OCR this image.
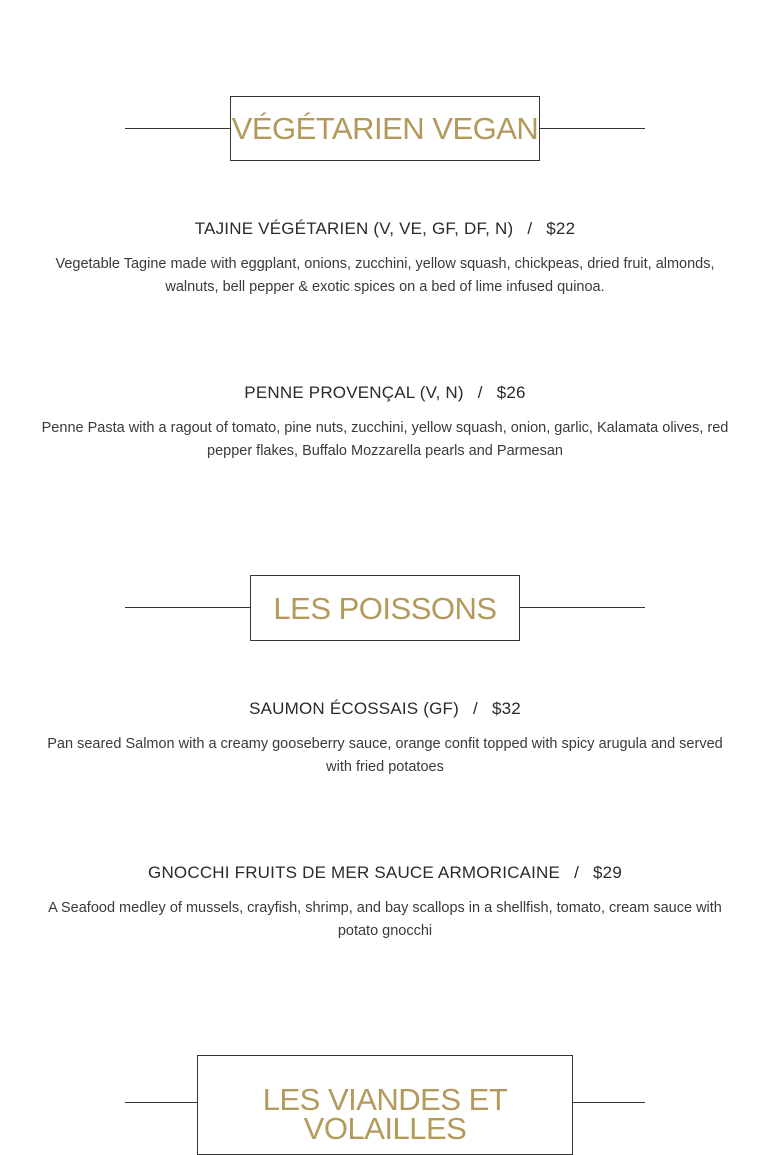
VÉGÉTARIEN VEGAN

TAJINE VÉGÉTARIEN (V, VE, GF, DF, N) / $22

Vegetable Tagine made with eggplant, onions, zucchini, yellow squash, chickpeas, dried fruit, almonds, walnuts, bell pepper & exotic spices on a bed of lime infused quinoa.

PENNE PROVENÇAL (V, N) / $26

Penne Pasta with a ragout of tomato, pine nuts, zucchini, yellow squash, onion, garlic, Kalamata olives, red pepper flakes, Buffalo Mozzarella pearls and Parmesan

LES POISSONS

SAUMON ÉCOSSAIS (GF) / $32

Pan seared Salmon with a creamy gooseberry sauce, orange confit topped with spicy arugula and served with fried potatoes

GNOCCHI FRUITS DE MER SAUCE ARMORICAINE / $29

A Seafood medley of mussels, crayfish, shrimp, and bay scallops in a shellfish, tomato, cream sauce with potato gnocchi

LES VIANDES ET
VOLAILLES
